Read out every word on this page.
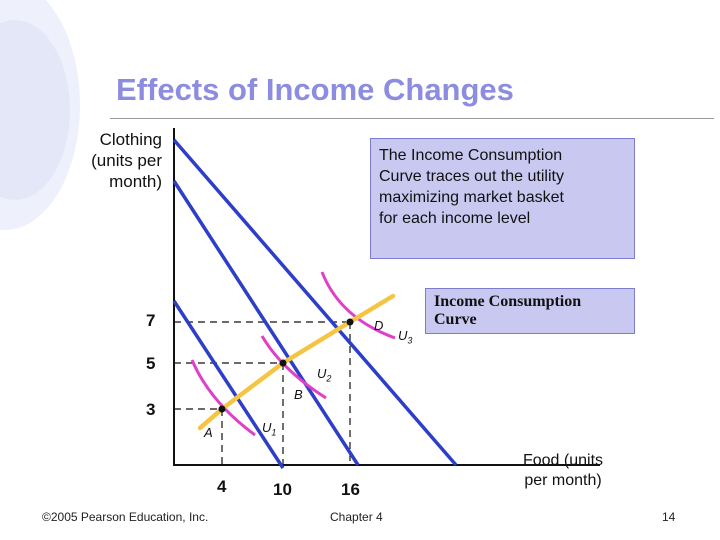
Effects of Income Changes
Clothing
(units per
month)
The Income Consumption
Curve traces out the utility
maximizing market basket
for each income level
7
5
3
4	10	16
A
B
D
$U_1$
$U_2$
$U_3$
Income Consumption
Curve
Food (units
per month)
©2005 Pearson Education, Inc.	Chapter 4	14
